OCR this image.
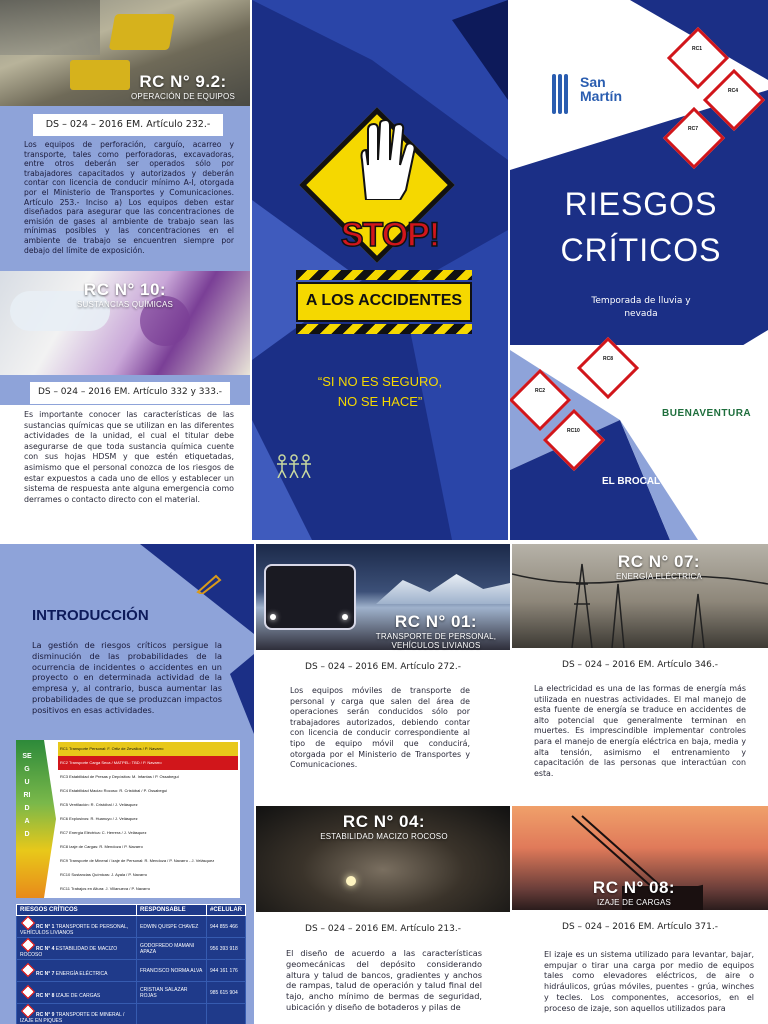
RC N° 9.2:
OPERACIÓN DE EQUIPOS
DS – 024 – 2016 EM. Artículo 232.-
Los equipos de perforación, carguío, acarreo y transporte, tales como perforadoras, excavadoras, entre otros deberán ser operados sólo por trabajadores capacitados y autorizados y deberán contar con licencia de conducir mínimo A-I, otorgada por el Ministerio de Transportes y Comunicaciones. Artículo 253.- Inciso a) Los equipos deben estar diseñados para asegurar que las concentraciones de emisión de gases al ambiente de trabajo sean las mínimas posibles y las concentraciones en el ambiente de trabajo se encuentren siempre por debajo del límite de exposición.
RC N° 10:
SUSTANCIAS QUÍMICAS
DS – 024 – 2016 EM. Artículo 332 y 333.-
Es importante conocer las características de las sustancias químicas que se utilizan en las diferentes actividades de la unidad, el cual el titular debe asegurarse de que toda sustancia química cuente con sus hojas HDSM y que estén etiquetadas, asimismo que el personal conozca de los riesgos de estar expuestos a cada uno de ellos y establecer un sistema de respuesta ante alguna emergencia como derrames o contacto directo con el material.
STOP!
A LOS ACCIDENTES
“SI NO ES SEGURO,
NO SE HACE”
San
Martín
RC1
RC4
RC7
RIESGOS
CRÍTICOS
Temporada de lluvia y
nevada
RC8
RC2
RC10
BUENAVENTURA
EL BROCAL
INTRODUCCIÓN
La gestión de riesgos críticos persigue la disminución de las probabilidades de la ocurrencia de incidentes o accidentes en un proyecto o en determinada actividad de la empresa y, al contrario, busca aumentar las probabilidades de que se produzcan impactos positivos en esas actividades.
SEGURIDAD
RC1 Transporte Personal: F. Ortiz de Zevallos / P. Navarro
RC2 Transporte Carga Seca / MATPEL: TBD / P. Navarro
RC3 Estabilidad de Presas y Depósitos: M. Infantas / P. Ossabegui
RC4 Estabilidad Macizo Rocoso: R. Cristóbal / P. Ossabegui
RC5 Ventilación: R. Cristóbal / J. Velásquez
RC6 Explosivos: R. Huanuyo / J. Velásquez
RC7 Energía Eléctrica: C. Herrera / J. Velásquez
RC8 Izaje de Cargas: R. Mendoza / P. Navarro
RC9 Transporte de Mineral / Izaje de Personal: R. Mendoza / P. Navarro - J. Velásquez
RC10 Sustancias Químicas: J. Ayala / P. Navarro
RC11 Trabajos en Altura: J. Villanueva / P. Navarro
RIESGOS CRÍTICOS	RESPONSABLE	#CELULAR
RC N° 1 TRANSPORTE DE PERSONAL, VEHÍCULOS LIVIANOS	EDWIN QUISPE CHAVEZ	944 855 466
RC N° 4 ESTABILIDAD DE MACIZO ROCOSO	GODOFREDO MAMANI APAZA	956 393 918
RC N° 7 ENERGÍA ELÉCTRICA	FRANCISCO NORMA ALVA	944 161 176
RC N° 8 IZAJE DE CARGAS	CRISTIAN SALAZAR ROJAS	985 615 904
RC N° 9 TRANSPORTE DE MINERAL / IZAJE EN PIQUES		
RC N° 01:
TRANSPORTE DE PERSONAL,
VEHÍCULOS LIVIANOS
DS – 024 – 2016 EM. Artículo 272.-
Los equipos móviles de transporte de personal y carga que salen del área de operaciones serán conducidos sólo por trabajadores autorizados, debiendo contar con licencia de conducir correspondiente al tipo de equipo móvil que conducirá, otorgada por el Ministerio de Transportes y Comunicaciones.
RC N° 04:
ESTABILIDAD MACIZO ROCOSO
DS – 024 – 2016 EM. Artículo 213.-
El diseño de acuerdo a las características geomecánicas del depósito considerando altura y talud de bancos, gradientes y anchos de rampas, talud de operación y talud final del tajo, ancho mínimo de bermas de seguridad, ubicación y diseño de botaderos y pilas de
RC N° 07:
ENERGÍA ELÉCTRICA
DS – 024 – 2016 EM. Artículo 346.-
La electricidad es una de las formas de energía más utilizada en nuestras actividades. El mal manejo de esta fuente de energía se traduce en accidentes de alto potencial que generalmente terminan en muertes. Es imprescindible implementar controles para el manejo de energía eléctrica en baja, media y alta tensión, asimismo el entrenamiento y capacitación de las personas que interactúan con esta.
RC N° 08:
IZAJE DE CARGAS
DS – 024 – 2016 EM. Artículo 371.-
El izaje es un sistema utilizado para levantar, bajar, empujar o tirar una carga por medio de equipos tales como elevadores eléctricos, de aire o hidráulicos, grúas móviles, puentes - grúa, winches y tecles. Los componentes, accesorios, en el proceso de izaje, son aquellos utilizados para
